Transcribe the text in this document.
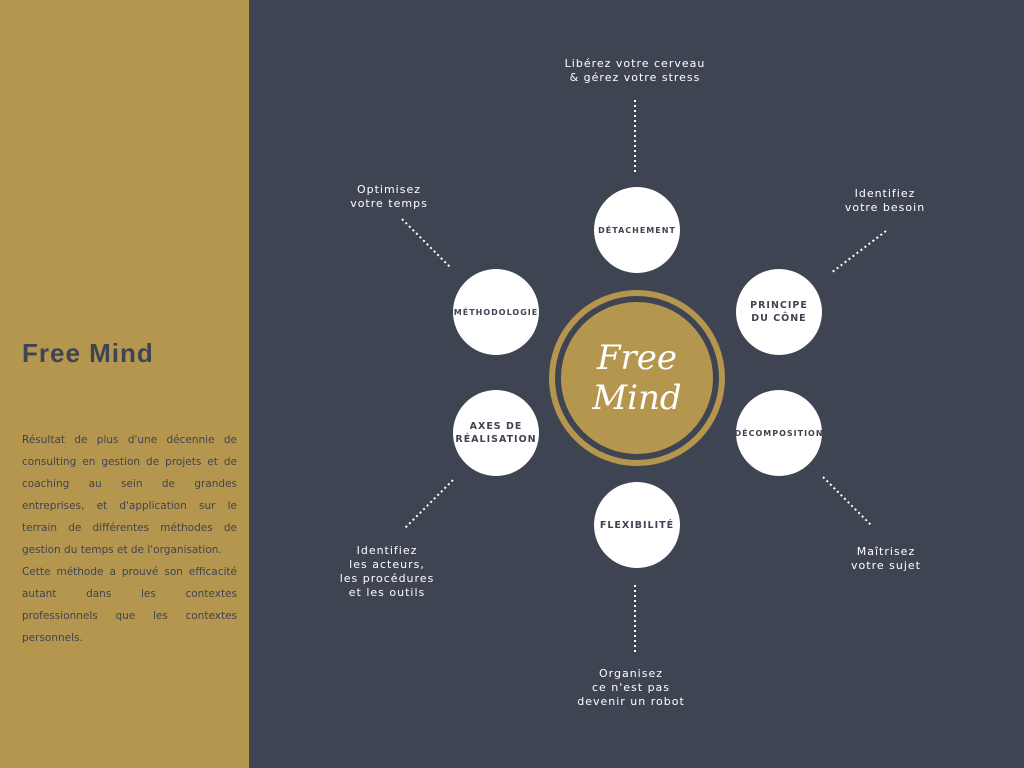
Free Mind

Résultat de plus d'une décennie de consulting en gestion de projets et de coaching au sein de grandes entreprises, et d'application sur le terrain de différentes méthodes de gestion du temps et de l'organisation.

Cette méthode a prouvé son efficacité autant dans les contextes professionnels que les contextes personnels.

Free Mind
DÉTACHEMENT
PRINCIPE
DU CÔNE
DÉCOMPOSITION
FLEXIBILITÉ
AXES DE
RÉALISATION
MÉTHODOLOGIE
Libérez votre cerveau
& gérez votre stress
Identifiez
votre besoin
Maîtrisez
votre sujet
Organisez
ce n'est pas
devenir un robot
Identifiez
les acteurs,
les procédures
et les outils
Optimisez
votre temps
